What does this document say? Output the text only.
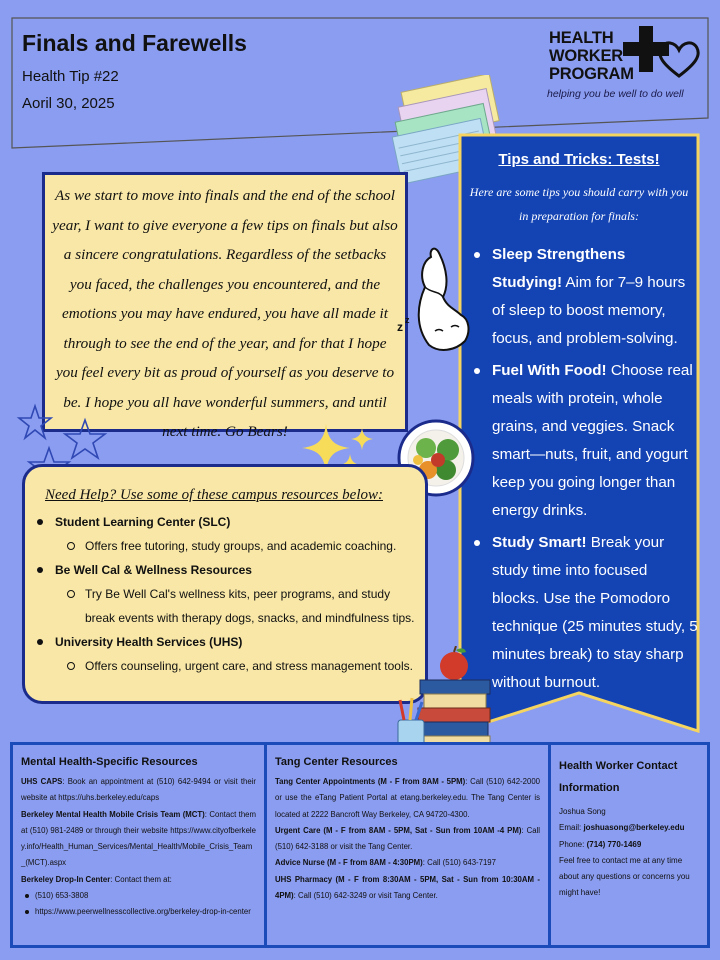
Finals and Farewells
Health Tip #22
Aoril 30, 2025
HEALTH
WORKER
PROGRAM
helping you be well to do well
As we start to move into finals and the end of the school year, I want to give everyone a few tips on finals but also a sincere congratulations. Regardless of the setbacks you faced, the challenges you encountered, and the emotions you may have endured, you have all made it through to see the end of the year, and for that I hope you feel every bit as proud of yourself as you deserve to be. I hope you all have wonderful summers, and until next time. Go Bears!
Tips and Tricks: Tests!
Here are some tips you should carry with you in preparation for finals:
Sleep Strengthens Studying! Aim for 7–9 hours of sleep to boost memory, focus, and problem-solving.
Fuel With Food! Choose real meals with protein, whole grains, and veggies. Snack smart—nuts, fruit, and yogurt keep you going longer than energy drinks.
Study Smart! Break your study time into focused blocks. Use the Pomodoro technique (25 minutes study, 5 minutes break) to stay sharp without burnout.
z z
Need Help? Use some of these campus resources below:
Student Learning Center (SLC)
Offers free tutoring, study groups, and academic coaching.
Be Well Cal & Wellness Resources
Try Be Well Cal's wellness kits, peer programs, and study break events with therapy dogs, snacks, and mindfulness tips.
University Health Services (UHS)
Offers counseling, urgent care, and stress management tools.
Mental Health-Specific Resources

UHS CAPS: Book an appointment at (510) 642-9494 or visit their website at https://uhs.berkeley.edu/caps
Berkeley Mental Health Mobile Crisis Team (MCT): Contact them at (510) 981-2489 or through their website https://www.cityofberkeley.info/Health_Human_Services/Mental_Health/Mobile_Crisis_Team_(MCT).aspx
Berkeley Drop-In Center: Contact them at:

(510) 653-3808
https://www.peerwellnesscollective.org/berkeley-drop-in-center
Tang Center Resources

Tang Center Appointments (M - F from 8AM - 5PM): Call (510) 642-2000 or use the eTang Patient Portal at etang.berkeley.edu. The Tang Center is located at 2222 Bancroft Way Berkeley, CA 94720-4300.
Urgent Care (M - F from 8AM - 5PM, Sat - Sun from 10AM -4 PM): Call (510) 642-3188 or visit the Tang Center.
Advice Nurse (M - F from 8AM - 4:30PM): Call (510) 643-7197
UHS Pharmacy (M - F from 8:30AM - 5PM, Sat - Sun from 10:30AM - 4PM): Call (510) 642-3249 or visit Tang Center.

Health Worker Contact Information

Joshua Song
Email: joshuasong@berkeley.edu
Phone: (714) 770-1469
Feel free to contact me at any time about any questions or concerns you might have!
